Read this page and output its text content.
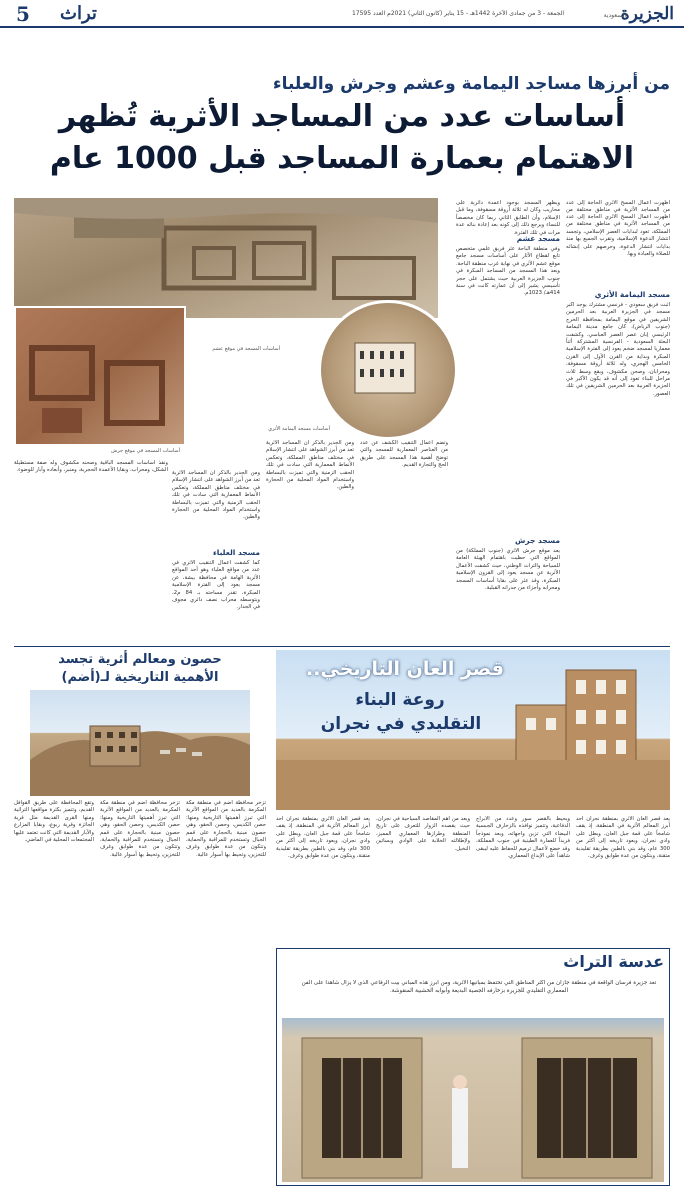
الجزيرة
السعودية
الجمعة - 3 من جمادى الآخرة 1442هـ - 15 يناير (كانون الثاني) 2021م العدد 17595
تراث
5
من أبرزها مساجد اليمامة وعشم وجرش والعلباء
أساسات عدد من المساجد الأثرية تُظهر
الاهتمام بعمارة المساجد قبل 1000 عام
أظهرت أعمال المسح الأثري الحاجة إلى عدد من المساجد الأثرية في مناطق مختلفة من
مسجد اليمامة الأثري
أظهرت أعمال المسح الأثري الحاجة إلى عدد من المساجد الأثرية في مناطق مختلفة من المملكة، تعود لبدايات العصر الإسلامي، وتجسد انتشار الدعوة الإسلامية، وتقرب الجميع بها منذ بدايات انتشار الدعوة، وحرصهم على إنشائه للصلاة والعبادة وبها.
أثبت فريق سعودي - فرنسي مشترك يوجد أكبر مسجد في الجزيرة العربية بعد الحرمين الشريفين في موقع اليمامة بمحافظة الخرج (جنوب الرياض)، كان جامع مدينة اليمامة الرئيسي إبان عصر العصر العباسي، وكشفت البعثة السعودية - الفرنسية المشتركة أثناً معماريا لمسجد ضخم يعود إلى الفترة الإسلامية المبكرة وبداية من القرن الأول إلى القرن الخامس الهجري، وله ثلاثة أروقة مسقوفة، ومحرابان، وصحن مكشوف، ويقع وسط ثلاث مراحل للبناء تعود إلى أنه قد يكون الأكبر في الجزيرة العربية بعد الحرمين الشريفين في تلك العصور.
ويظهر المسجد بوجود أعمدة دائرية على محاريب وكان له ثلاثة أروقة مسقوفة، وما قبل الإسلام، وأن الطابق الثاني ربما كان مخصصاً للنساء ويرجع ذلك إلى كونه بعد إعادة بنائه عدة مرات في تلك الفترة.
مسجد عشم
وفي منطقة الباحة عثر فريق علمي متخصص تابع لقطاع الآثار على أساسات مسجد جامع موقع عشم الأثري في نهاية غرب منطقة الباحة. ويعد هذا المسجد من المساجد المبكرة في جنوب الجزيرة العربية حيث يشتمل على حجر تأسيسي يشير إلى أن عمارته كانت في سنة 414هـ/ 1023م.
مسجد جرش
يعد موقع جرش الأثري (جنوب المملكة) من المواقع التي حظيت باهتمام الهيئة العامة للسياحة والتراث الوطني، حيث كشفت الأعمال الأثرية عن مسجد يعود إلى القرون الإسلامية المبكرة، وقد عثر على بقايا أساسات المسجد ومحرابه وأجزاء من جدرانه القبلية.
أساسات المسجد في موقع جرش
أساسات مسجد اليمامة الأثري
أساسات المسجد في موقع عشم
وتضم أعمال التنقيب الكشف عن عدد من العناصر المعمارية للمسجد والتي توضح أهمية هذا المسجد على طريق الحج والتجارة القديم.
ومن الجدير بالذكر أن المساجد الأثرية تعد من أبرز الشواهد على انتشار الإسلام في مختلف مناطق المملكة، وتعكس الأنماط المعمارية التي سادت في تلك الحقب الزمنية والتي تميزت بالبساطة واستخدام المواد المحلية من الحجارة والطين.
مسجد العلباء
ومن الجدير بالذكر أن المساجد الأثرية تعد من أبرز الشواهد على انتشار الإسلام في مختلف مناطق المملكة، وتعكس الأنماط المعمارية التي سادت في تلك الحقب الزمنية والتي تميزت بالبساطة واستخدام المواد المحلية من الحجارة والطين.
كما كشفت أعمال التنقيب الأثري في عدد من مواقع العلباء وهو أحد المواقع الأثرية الهامة في محافظة بيشة، عن مسجد يعود إلى الفترة الإسلامية المبكرة، تقدر مساحته بـ 84 م2، ويتوسطه محراب نصف دائري مجوف في الجدار.
ونفذ أساسات المسجد الباقية وصحنه مكشوف وله صفة مستطيلة الشكل، ومحراب، وبقايا الأعمدة الحجرية، ومنبر، وأبعاده وآبار للوضوء.
حصون ومعالم أثرية تجسد
الأهمية التاريخية لـ(أضم)
وتقع المحافظة على طريق القوافل القديم، وتتميز بكثرة مواقعها التراثية ومنها القرى القديمة مثل قرية الجائزة وقرية ربوع، وبقايا المزارع والآبار القديمة التي كانت تعتمد عليها المجتمعات المحلية في الماضي.
تزخر محافظة أضم في منطقة مكة المكرمة بالعديد من المواقع الأثرية التي تبرز أهميتها التاريخية ومنها: حصن الكديس، وحصن الحقو، وهي حصون مبنية بالحجارة على قمم الجبال وتستخدم للمراقبة والحماية، وتتكون من عدة طوابق وغرف للتخزين، وتحيط بها أسوار عالية.
تزخر محافظة أضم في منطقة مكة المكرمة بالعديد من المواقع الأثرية التي تبرز أهميتها التاريخية ومنها: حصن الكديس، وحصن الحقو، وهي حصون مبنية بالحجارة على قمم الجبال وتستخدم للمراقبة والحماية، وتتكون من عدة طوابق وغرف للتخزين، وتحيط بها أسوار عالية.
قصر العان التاريخي..
روعة البناء
التقليدي في نجران
يعد قصر العان الأثري بمنطقة نجران أحد أبرز المعالم الأثرية في المنطقة، إذ يقف شامخاً على قمة جبل العان، ويطل على وادي نجران، ويعود تاريخه إلى أكثر من 300 عام، وقد بني بالطين بطريقة تقليدية متقنة، ويتكون من عدة طوابق وغرف.
ويحيط بالقصر سور وعدد من الأبراج الدفاعية، وتتميز نوافذه بالزخارف الجبسية البيضاء التي تزين واجهاته، ويعد نموذجاً فريداً للعمارة الطينية في جنوب المملكة، وقد خضع لأعمال ترميم للحفاظ عليه ليبقى شاهداً على الإبداع المعماري.
ويعد من أهم المقاصد السياحية في نجران، حيث يقصده الزوار للتعرف على تاريخ المنطقة وطرازها المعماري المميز، ولإطلالته الخلابة على الوادي وبساتين النخيل.
يعد قصر العان الأثري بمنطقة نجران أحد أبرز المعالم الأثرية في المنطقة، إذ يقف شامخاً على قمة جبل العان، ويطل على وادي نجران، ويعود تاريخه إلى أكثر من 300 عام، وقد بني بالطين بطريقة تقليدية متقنة، ويتكون من عدة طوابق وغرف.
عدسة التراث
تعد جزيرة فرسان الواقعة في منطقة جازان من أكثر المناطق التي تحتفظ بمبانيها الأثرية، ومن أبرز هذه المباني بيت الرفاعي الذي لا يزال شاهداً على الفن المعماري التقليدي للجزيرة بزخارفه الجصية البديعة وأبوابه الخشبية المنقوشة.
